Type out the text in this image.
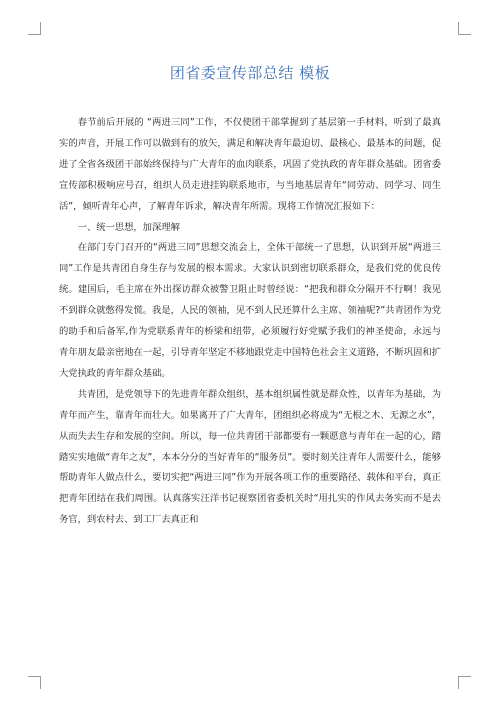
团省委宣传部总结 模板

春节前后开展的 “两进三同”工作，不仅使团干部掌握到了基层第一手材料，听到了最真实的声音，开展工作可以做到有的放矢，满足和解决青年最迫切、最核心、最基本的问题，促进了全省各级团干部始终保持与广大青年的血肉联系，巩固了党执政的青年群众基础。团省委宣传部积极响应号召，组织人员走进挂钩联系地市，与当地基层青年“同劳动、同学习、同生活”，倾听青年心声，了解青年诉求，解决青年所需。现将工作情况汇报如下：

一、统一思想，加深理解

在部门专门召开的“两进三同”思想交流会上，全体干部统一了思想，认识到开展“两进三同”工作是共青团自身生存与发展的根本需求。大家认识到密切联系群众，是我们党的优良传统。建国后，毛主席在外出探访群众被警卫阻止时曾经说：“把我和群众分隔开不行啊！我见不到群众就憋得发慌。我是，人民的领袖，见不到人民还算什么主席、领袖呢?”共青团作为党的助手和后备军,作为党联系青年的桥梁和纽带，必须履行好党赋予我们的神圣使命，永远与青年朋友最亲密地在一起，引导青年坚定不移地跟党走中国特色社会主义道路，不断巩固和扩大党执政的青年群众基础。

共青团，是党领导下的先进青年群众组织，基本组织属性就是群众性，以青年为基础，为青年而产生，靠青年而壮大。如果离开了广大青年，团组织必将成为“无根之木、无源之水”，从而失去生存和发展的空间。所以，每一位共青团干部都要有一颗愿意与青年在一起的心，踏踏实实地做“青年之友”，本本分分的当好青年的“服务员”。要时刻关注青年人需要什么，能够帮助青年人做点什么，要切实把“两进三同”作为开展各项工作的重要路径、载体和平台，真正把青年团结在我们周围。认真落实汪洋书记视察团省委机关时“用扎实的作风去务实而不是去务官，到农村去、到工厂去真正和
